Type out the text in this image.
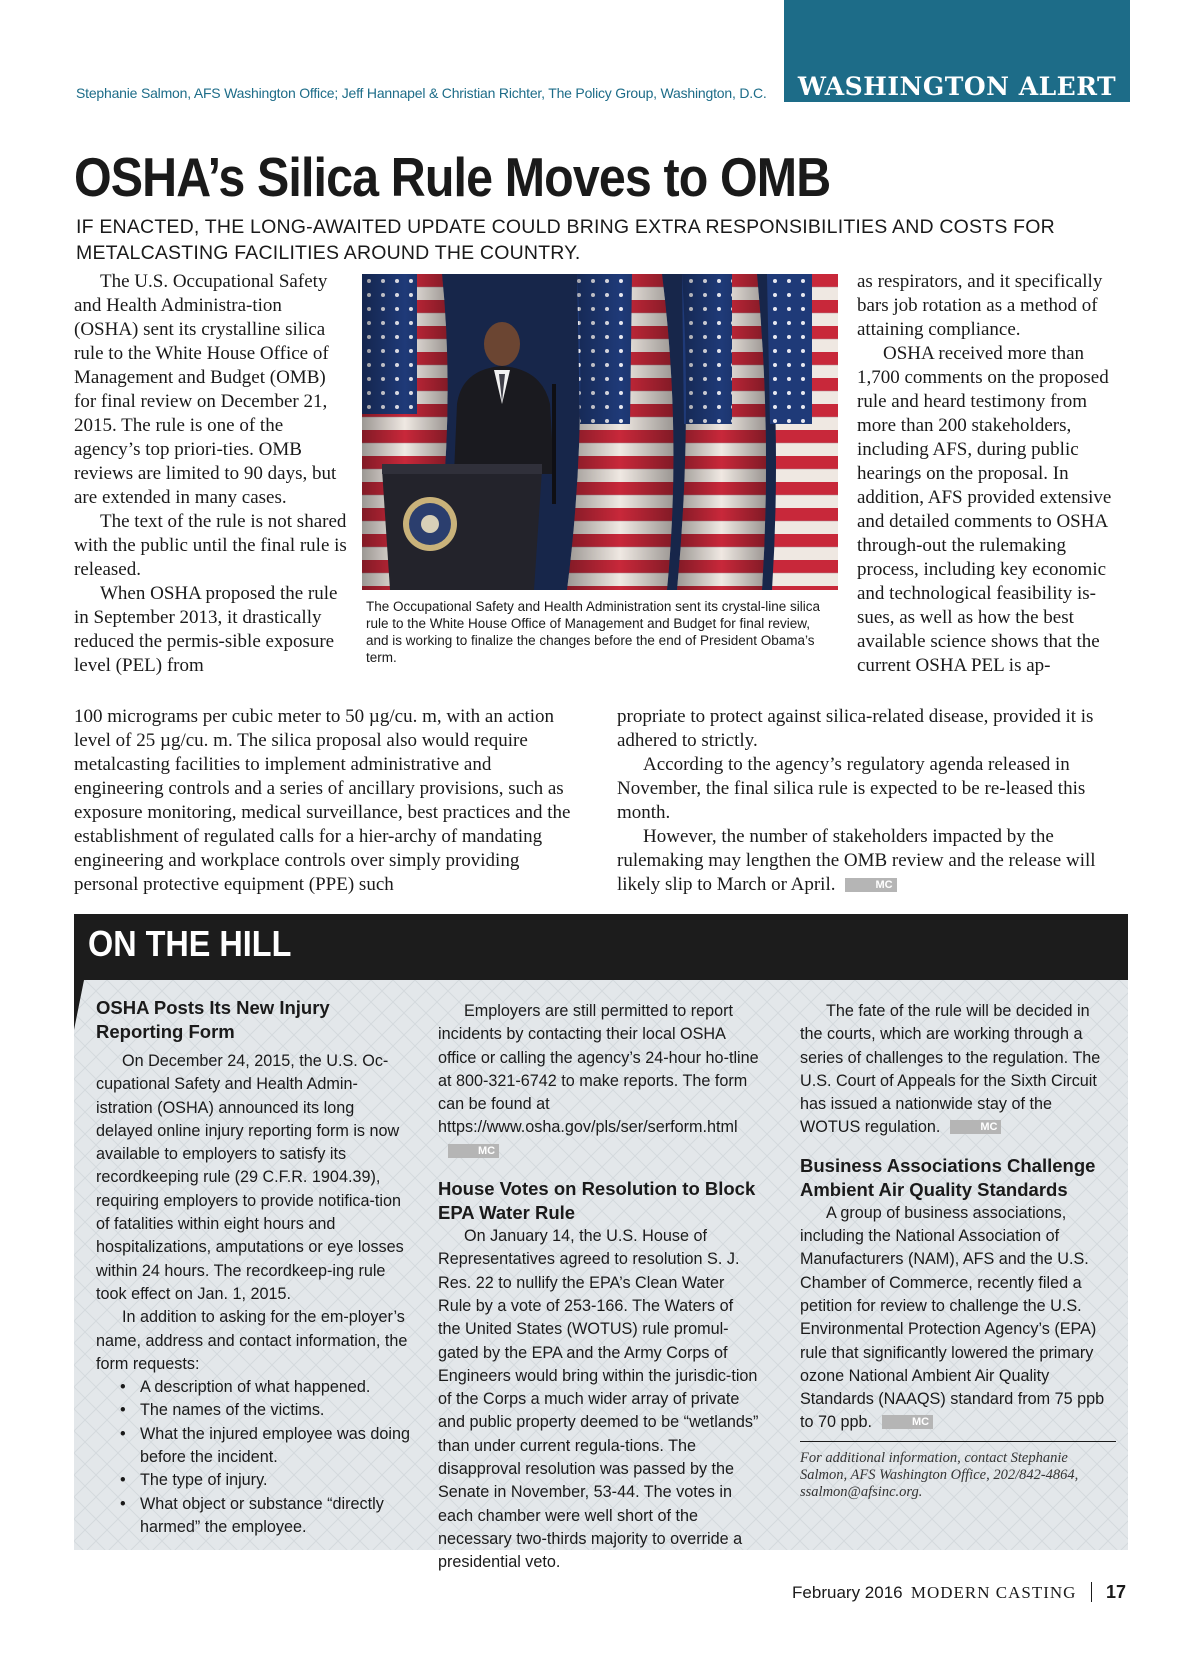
WASHINGTON ALERT
Stephanie Salmon, AFS Washington Office; Jeff Hannapel & Christian Richter, The Policy Group, Washington, D.C.
OSHA’s Silica Rule Moves to OMB
IF ENACTED, THE LONG-AWAITED UPDATE COULD BRING EXTRA RESPONSIBILITIES AND COSTS FOR METALCASTING FACILITIES AROUND THE COUNTRY.

The U.S. Occupational Safety and Health Administra-tion (OSHA) sent its crystalline silica rule to the White House Office of Management and Budget (OMB) for final review on December 21, 2015. The rule is one of the agency’s top priori-ties. OMB reviews are limited to 90 days, but are extended in many cases.

The text of the rule is not shared with the public until the final rule is released.

When OSHA proposed the rule in September 2013, it drastically reduced the permis-sible exposure level (PEL) from

The Occupational Safety and Health Administration sent its crystal-line silica rule to the White House Office of Management and Budget for final review, and is working to finalize the changes before the end of President Obama’s term.

as respirators, and it specifically bars job rotation as a method of attaining compliance.

OSHA received more than 1,700 comments on the proposed rule and heard testimony from more than 200 stakeholders, including AFS, during public hearings on the proposal. In addition, AFS provided extensive and detailed comments to OSHA through-out the rulemaking process, including key economic and technological feasibility is-sues, as well as how the best available science shows that the current OSHA PEL is ap-

100 micrograms per cubic meter to 50 µg/cu. m, with an action level of 25 µg/cu. m. The silica proposal also would require metalcasting facilities to implement administrative and engineering controls and a series of ancillary provisions, such as exposure monitoring, medical surveillance, best practices and the establishment of regulated calls for a hier-archy of mandating engineering and workplace controls over simply providing personal protective equipment (PPE) such

propriate to protect against silica-related disease, provided it is adhered to strictly.

According to the agency’s regulatory agenda released in November, the final silica rule is expected to be re-leased this month.

However, the number of stakeholders impacted by the rulemaking may lengthen the OMB review and the release will likely slip to March or April.	MC

ON THE HILL
OSHA Posts Its New Injury Reporting Form

On December 24, 2015, the U.S. Oc-cupational Safety and Health Admin-istration (OSHA) announced its long delayed online injury reporting form is now available to employers to satisfy its recordkeeping rule (29 C.F.R. 1904.39), requiring employers to provide notifica-tion of fatalities within eight hours and hospitalizations, amputations or eye losses within 24 hours. The recordkeep-ing rule took effect on Jan. 1, 2015.

In addition to asking for the em-ployer’s name, address and contact information, the form requests:

• A description of what happened.
• The names of the victims.
• What the injured employee was doing before the incident.
• The type of injury.
• What object or substance “directly harmed” the employee.

Employers are still permitted to report incidents by contacting their local OSHA office or calling the agency’s 24-hour ho-tline at 800-321-6742 to make reports. The form can be found at https://www.osha.gov/pls/ser/serform.htmlMC

House Votes on Resolution to Block EPA Water Rule

On January 14, the U.S. House of Representatives agreed to resolution S. J. Res. 22 to nullify the EPA’s Clean Water Rule by a vote of 253-166. The Waters of the United States (WOTUS) rule promul-gated by the EPA and the Army Corps of Engineers would bring within the jurisdic-tion of the Corps a much wider array of private and public property deemed to be “wetlands” than under current regula-tions. The disapproval resolution was passed by the Senate in November, 53-44. The votes in each chamber were well short of the necessary two-thirds majority to override a presidential veto.

The fate of the rule will be decided in the courts, which are working through a series of challenges to the regulation. The U.S. Court of Appeals for the Sixth Circuit has issued a nationwide stay of the WOTUS regulation.	MC

Business Associations Challenge Ambient Air Quality Standards

A group of business associations, including the National Association of Manufacturers (NAM), AFS and the U.S. Chamber of Commerce, recently filed a petition for review to challenge the U.S. Environmental Protection Agency’s (EPA) rule that significantly lowered the primary ozone National Ambient Air Quality Standards (NAAQS) standard from 75 ppb to 70 ppb.	MC

For additional information, contact Stephanie Salmon, AFS Washington Office, 202/842-4864, ssalmon@afsinc.org.
February 2016 MODERN CASTING 17
